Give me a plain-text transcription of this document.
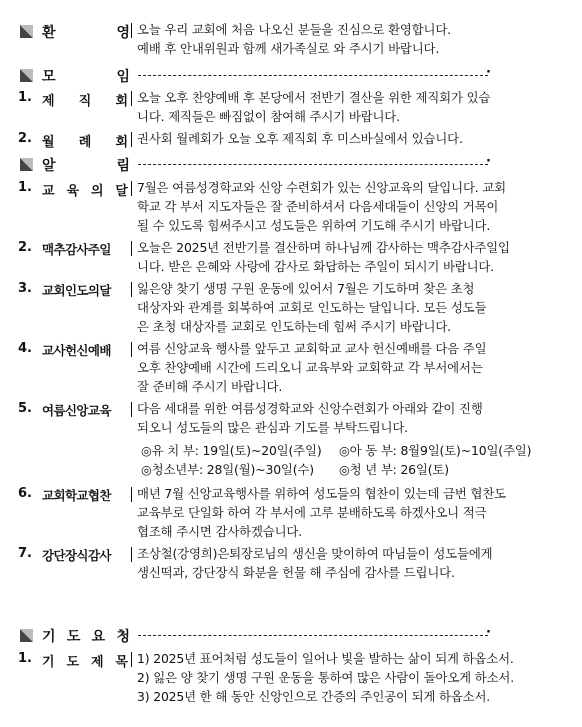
환	영 오늘 우리 교회에 처음 나오신 분들을 진심으로 환영합니다.
예배 후 안내위원과 함께 새가족실로 와 주시기 바랍니다.
모	임	·
1. 제 직 회 오늘 오후 찬양예배 후 본당에서 전반기 결산을 위한 제직회가 있습
니다. 제직들은 빠짐없이 참여해 주시기 바랍니다.
2. 월 례 회 권사회 월례회가 오늘 오후 제직회 후 미스바실에서 있습니다.
알	림	·
1. 교 육 의 달 7월은 여름성경학교와 신앙 수련회가 있는 신앙교육의 달입니다. 교회
학교 각 부서 지도자들은 잘 준비하셔서 다음세대들이 신앙의 거목이
될 수 있도록 힘써주시고 성도들은 위하여 기도해 주시기 바랍니다.
2. 맥추감사주일	오늘은 2025년 전반기를 결산하며 하나님께 감사하는 맥추감사주일입
니다. 받은 은혜와 사랑에 감사로 화답하는 주일이 되시기 바랍니다.
3. 교회인도의달	잃은양 찾기 생명 구원 운동에 있어서 7월은 기도하며 찾은 초청
대상자와 관계를 회복하여 교회로 인도하는 달입니다. 모든 성도들
은 초청 대상자를 교회로 인도하는데 힘써 주시기 바랍니다.
4. 교사헌신예배	여름 신앙교육 행사를 앞두고 교회학교 교사 헌신예배를 다음 주일
오후 찬양예배 시간에 드리오니 교육부와 교회학교 각 부서에서는
잘 준비해 주시기 바랍니다.
5. 여름신앙교육	다음 세대를 위한 여름성경학교와 신앙수련회가 아래와 같이 진행
되오니 성도들의 많은 관심과 기도를 부탁드립니다.
◎유 치 부: 19일(토)~20일(주일)	◎아 동 부: 8월9일(토)~10일(주일)
◎청소년부: 28일(월)~30일(수)	◎청 년 부: 26일(토)
6. 교회학교협찬	매년 7월 신앙교육행사를 위하여 성도들의 협찬이 있는데 금번 협찬도
교육부로 단일화 하여 각 부서에 고루 분배하도록 하겠사오니 적극
협조해 주시면 감사하겠습니다.
7. 강단장식감사	조상철(강영희)은퇴장로님의 생신을 맞이하여 따님들이 성도들에게
생신떡과, 강단장식 화분을 헌물 해 주심에 감사를 드립니다.
기 도 요 청	·
1. 기 도 제 목 1) 2025년 표어처럼 성도들이 일어나 빛을 발하는 삶이 되게 하옵소서.
2) 잃은 양 찾기 생명 구원 운동을 통하여 많은 사람이 돌아오게 하소서.
3) 2025년 한 해 동안 신앙인으로 간증의 주인공이 되게 하옵소서.
